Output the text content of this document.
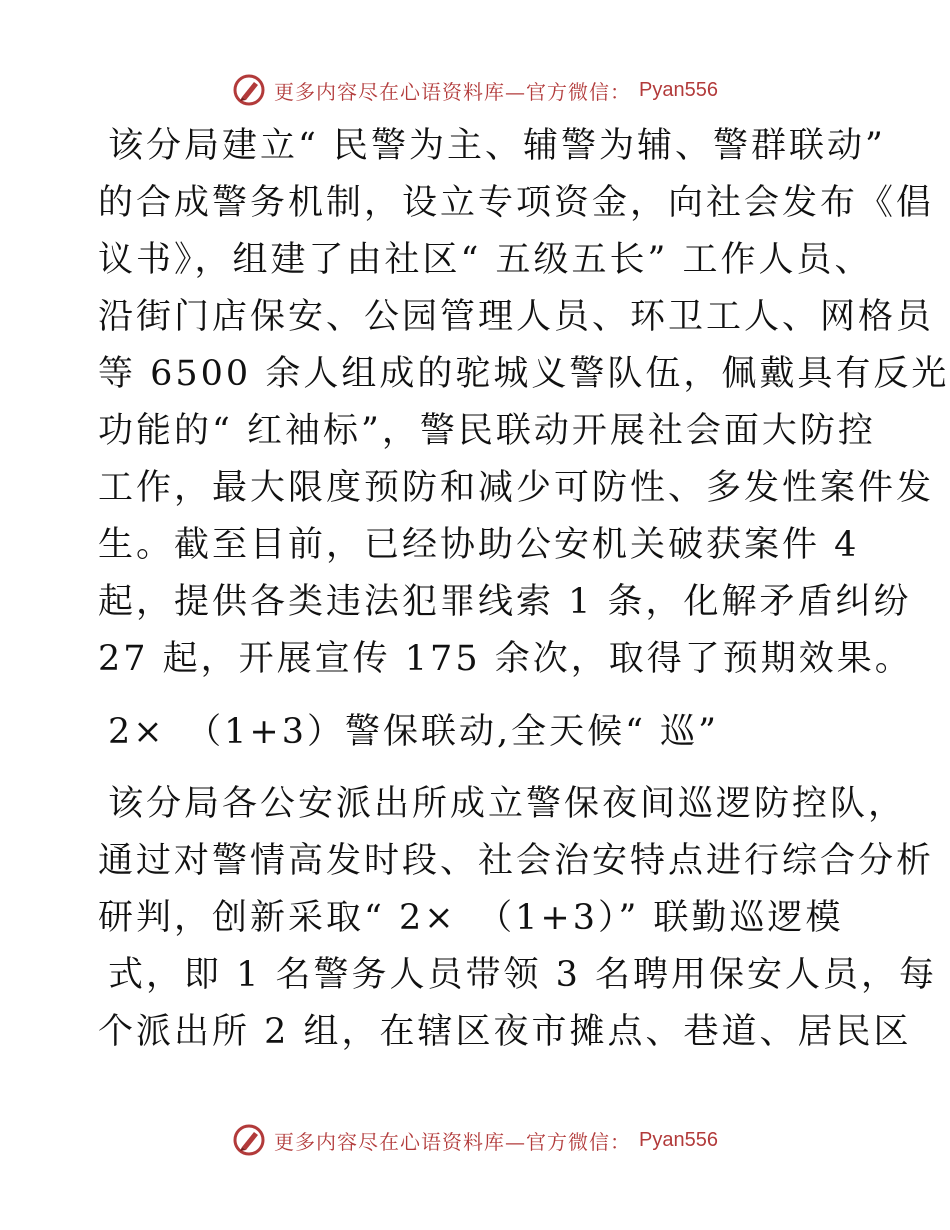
更多内容尽在心语资料库—官方微信： Pyan556
该分局建立“ 民警为主、辅警为辅、警群联动”
的合成警务机制，设立专项资金，向社会发布《倡
议书》，组建了由社区“ 五级五长” 工作人员、
沿街门店保安、公园管理人员、环卫工人、网格员
等 6500 余人组成的驼城义警队伍，佩戴具有反光
功能的“ 红袖标”，警民联动开展社会面大防控
工作，最大限度预防和减少可防性、多发性案件发
生。截至目前，已经协助公安机关破获案件 4
起，提供各类违法犯罪线索 1 条，化解矛盾纠纷
27 起，开展宣传 175 余次，取得了预期效果。
2×　（1+3）警保联动,全天候“ 巡”
该分局各公安派出所成立警保夜间巡逻防控队，
通过对警情高发时段、社会治安特点进行综合分析
研判，创新采取“ 2×　（1+3）” 联勤巡逻模
式，即 1 名警务人员带领 3 名聘用保安人员，每
个派出所 2 组，在辖区夜市摊点、巷道、居民区
更多内容尽在心语资料库—官方微信： Pyan556
